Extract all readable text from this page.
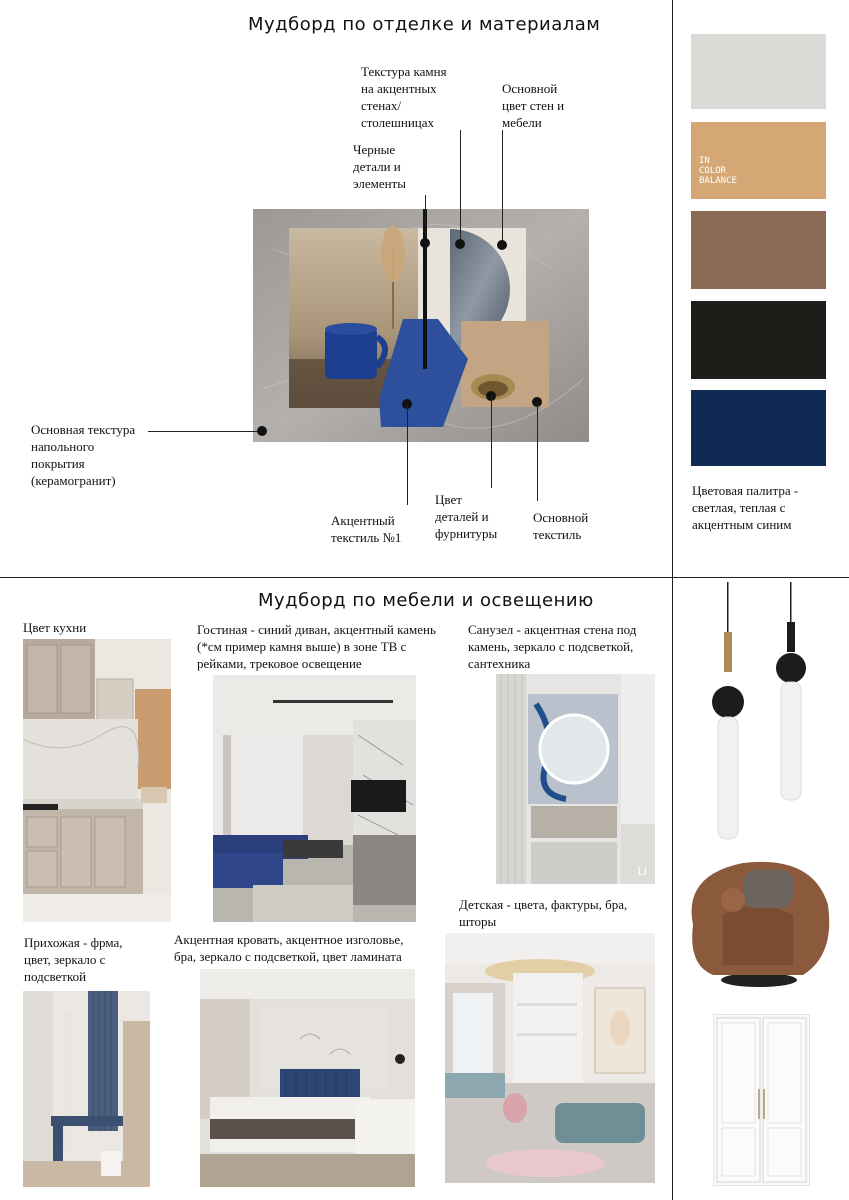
Мудборд по отделке и материалам
Текстура камня
на акцентных
стенах/
столешницах
Основной
цвет стен и
мебели
Черные
детали и
элементы
Основная текстура
напольного
покрытия
(керамогранит)
Акцентный
текстиль №1
Цвет
деталей и
фурнитуры
Основной
текстиль
IN
COLOR
BALANCE
Цветовая палитра -
светлая, теплая с
акцентным синим
Мудборд по мебели и освещению
Цвет кухни	Гостиная - синий диван, акцентный камень
(*см пример камня выше) в зоне ТВ с
рейками, трековое освещение
Санузел - акцентная стена под
камень, зеркало с подсветкой,
сантехника
Прихожая - фрма,
цвет, зеркало с
подсветкой
Акцентная кровать, акцентное изголовье,
бра, зеркало с подсветкой, цвет ламината
Детская - цвета, фактуры, бра,
шторы
LI
